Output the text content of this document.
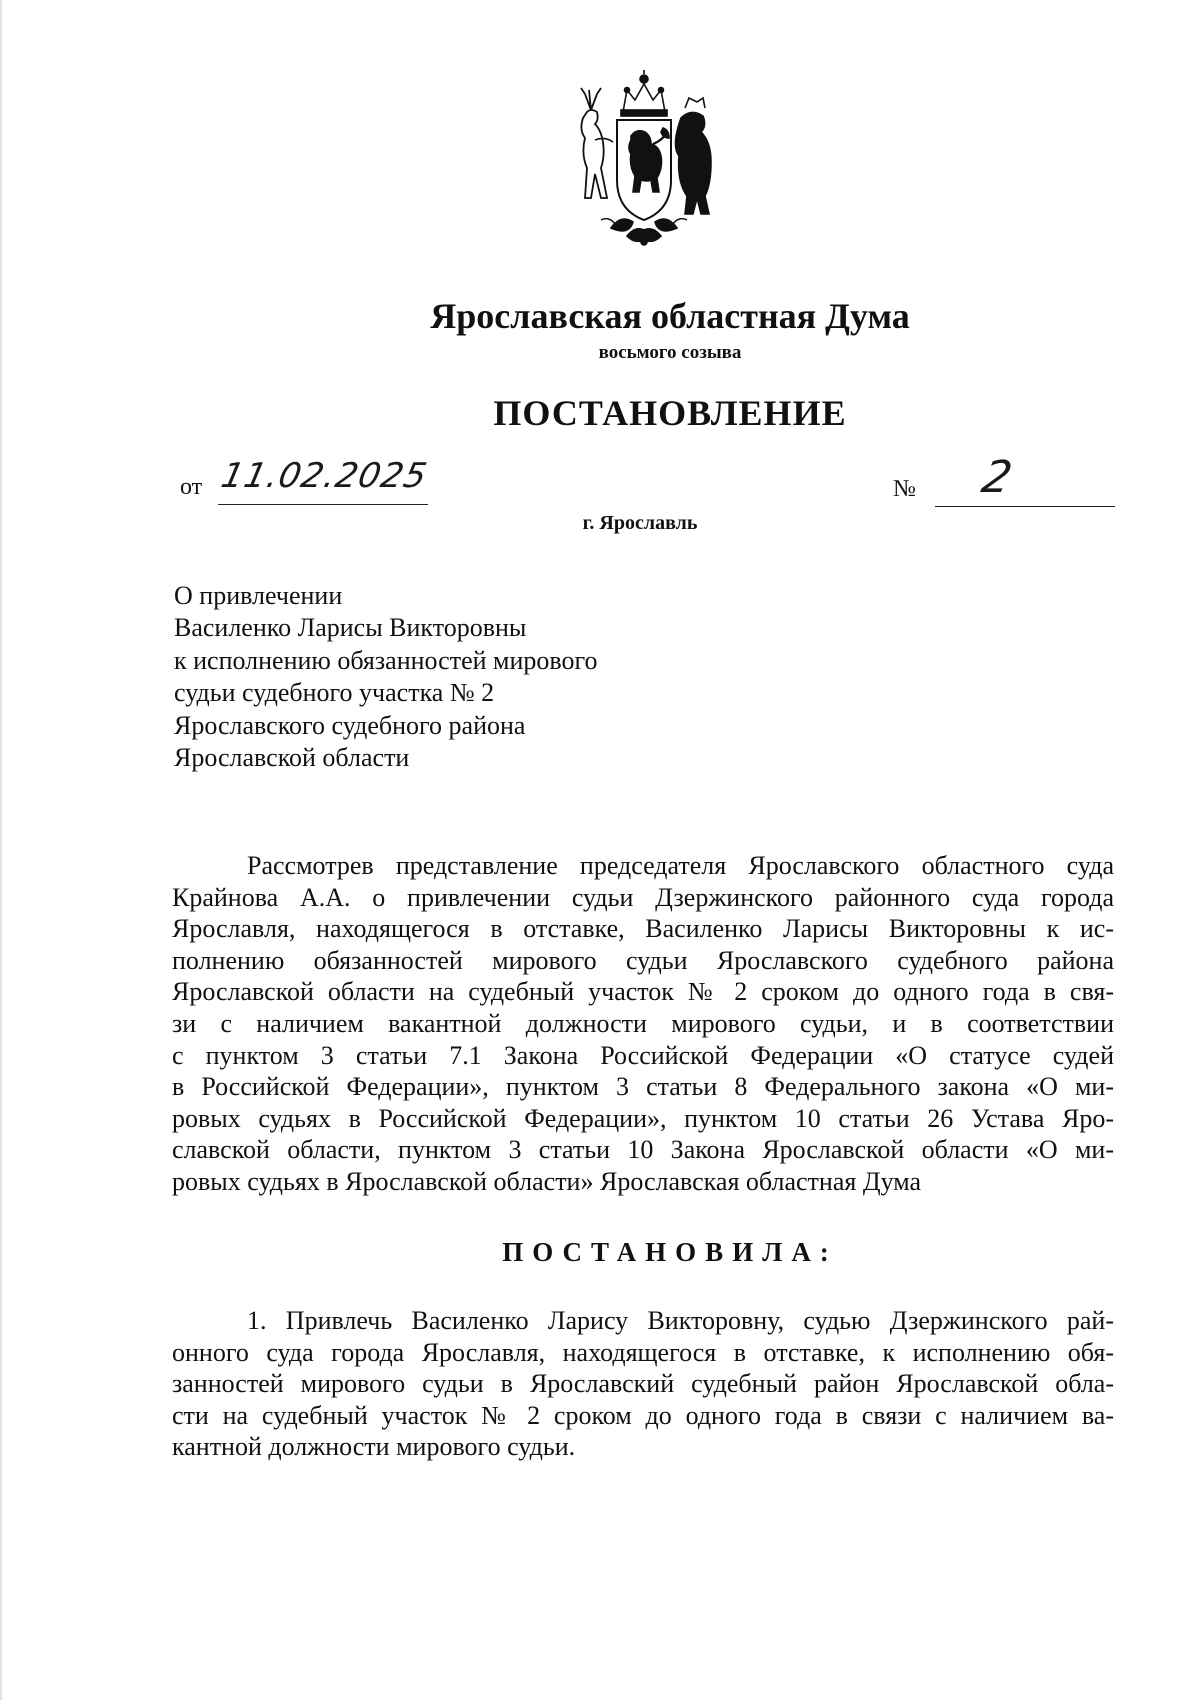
Ярославская областная Дума
восьмого созыва
ПОСТАНОВЛЕНИЕ
от 11.02.2025	№ 2
г. Ярославль
О привлечении
Василенко Ларисы Викторовны
к исполнению обязанностей мирового
судьи судебного участка № 2
Ярославского судебного района
Ярославской области
Рассмотрев представление председателя Ярославского областного суда
Крайнова А.А. о привлечении судьи Дзержинского районного суда города
Ярославля, находящегося в отставке, Василенко Ларисы Викторовны к ис-
полнению обязанностей мирового судьи Ярославского судебного района
Ярославской области на судебный участок № 2 сроком до одного года в свя-
зи с наличием вакантной должности мирового судьи, и в соответствии
с пунктом 3 статьи 7.1 Закона Российской Федерации «О статусе судей
в Российской Федерации», пунктом 3 статьи 8 Федерального закона «О ми-
ровых судьях в Российской Федерации», пунктом 10 статьи 26 Устава Яро-
славской области, пунктом 3 статьи 10 Закона Ярославской области «О ми-
ровых судьях в Ярославской области» Ярославская областная Дума
ПОСТАНОВИЛА:
1. Привлечь Василенко Ларису Викторовну, судью Дзержинского рай-
онного суда города Ярославля, находящегося в отставке, к исполнению обя-
занностей мирового судьи в Ярославский судебный район Ярославской обла-
сти на судебный участок № 2 сроком до одного года в связи с наличием ва-
кантной должности мирового судьи.
